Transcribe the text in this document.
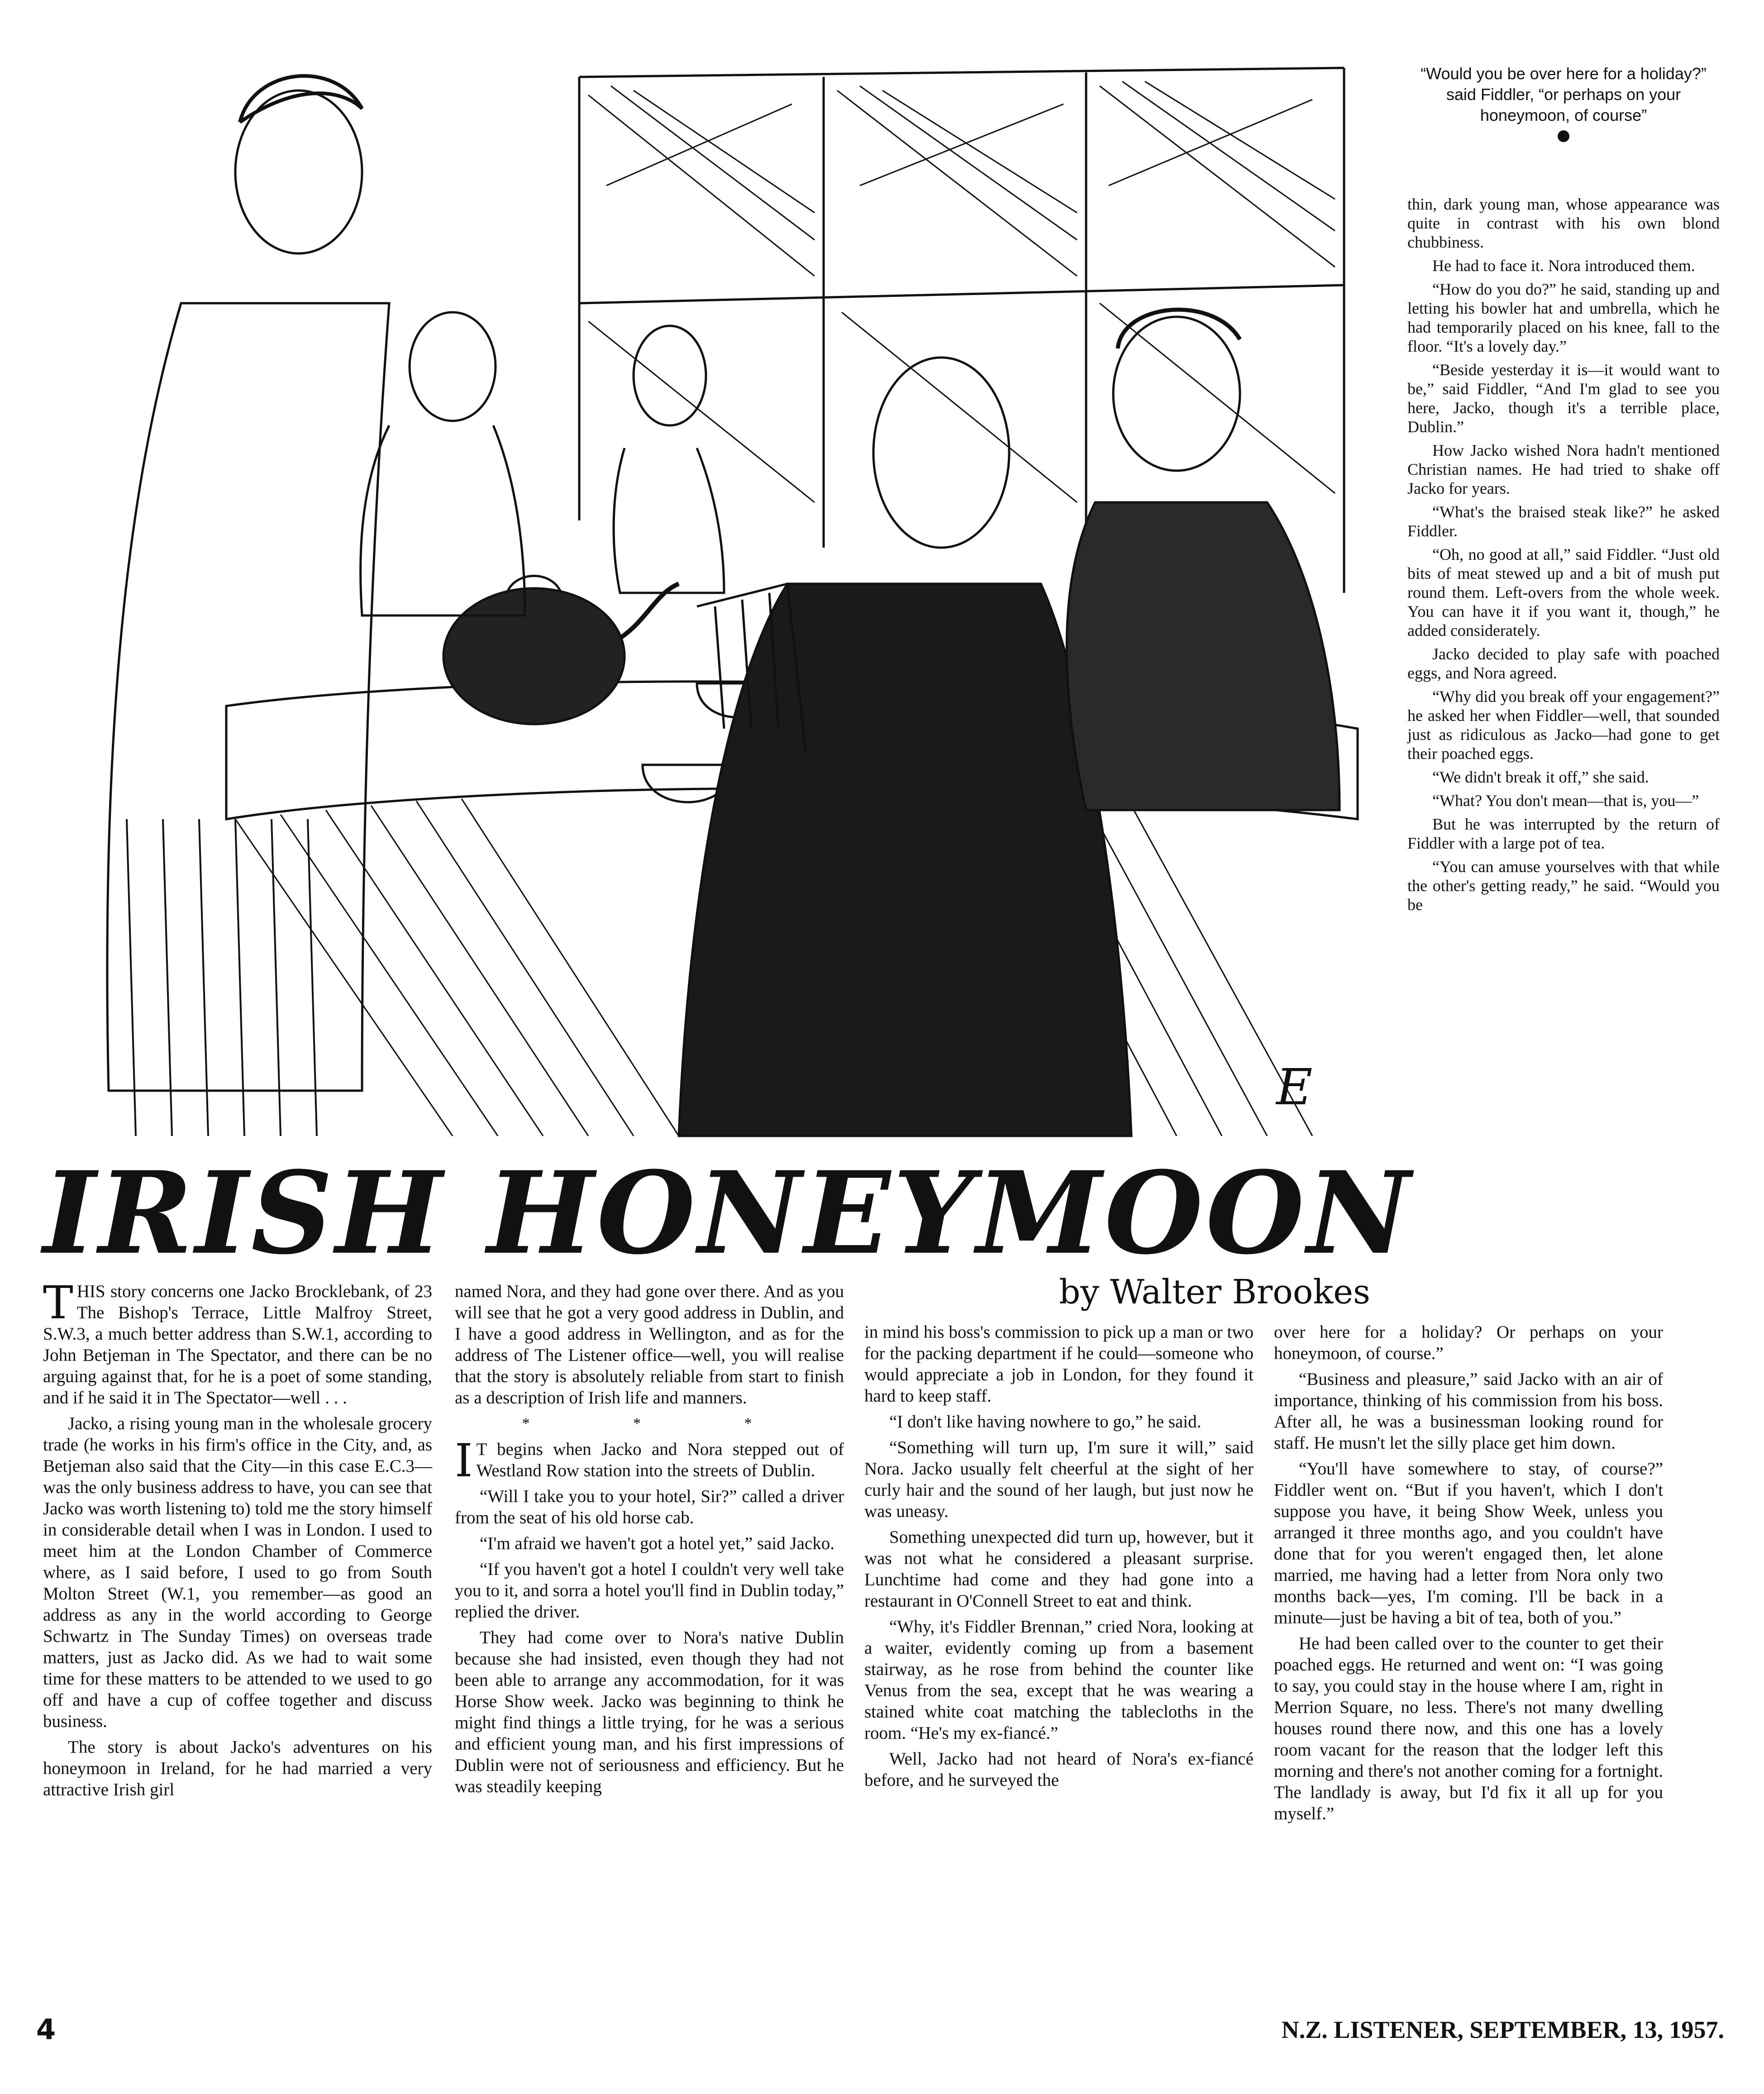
E
“Would you be over here for a holiday?” said Fiddler, “or perhaps on your honeymoon, of course”
IRISH HONEYMOON
by Walter Brookes

THIS story concerns one Jacko Brocklebank, of 23 The Bishop's Terrace, Little Malfroy Street, S.W.3, a much better address than S.W.1, according to John Betjeman in The Spectator, and there can be no arguing against that, for he is a poet of some standing, and if he said it in The Spectator—well . . .

Jacko, a rising young man in the wholesale grocery trade (he works in his firm's office in the City, and, as Betjeman also said that the City—in this case E.C.3—was the only business address to have, you can see that Jacko was worth listening to) told me the story himself in considerable detail when I was in London. I used to meet him at the London Chamber of Commerce where, as I said before, I used to go from South Molton Street (W.1, you remember—as good an address as any in the world according to George Schwartz in The Sunday Times) on overseas trade matters, just as Jacko did. As we had to wait some time for these matters to be attended to we used to go off and have a cup of coffee together and discuss business.

The story is about Jacko's adventures on his honeymoon in Ireland, for he had married a very attractive Irish girl

named Nora, and they had gone over there. And as you will see that he got a very good address in Dublin, and I have a good address in Wellington, and as for the address of The Listener office—well, you will realise that the story is absolutely reliable from start to finish as a description of Irish life and manners.

* * *

I T begins when Jacko and Nora stepped out of Westland Row station into the streets of Dublin.

“Will I take you to your hotel, Sir?” called a driver from the seat of his old horse cab.

“I'm afraid we haven't got a hotel yet,” said Jacko.

“If you haven't got a hotel I couldn't very well take you to it, and sorra a hotel you'll find in Dublin today,” replied the driver.

They had come over to Nora's native Dublin because she had insisted, even though they had not been able to arrange any accommodation, for it was Horse Show week. Jacko was beginning to think he might find things a little trying, for he was a serious and efficient young man, and his first impressions of Dublin were not of seriousness and efficiency. But he was steadily keeping

in mind his boss's commission to pick up a man or two for the packing department if he could—someone who would appreciate a job in London, for they found it hard to keep staff.

“I don't like having nowhere to go,” he said.

“Something will turn up, I'm sure it will,” said Nora. Jacko usually felt cheerful at the sight of her curly hair and the sound of her laugh, but just now he was uneasy.

Something unexpected did turn up, however, but it was not what he considered a pleasant surprise. Lunchtime had come and they had gone into a restaurant in O'Connell Street to eat and think.

“Why, it's Fiddler Brennan,” cried Nora, looking at a waiter, evidently coming up from a basement stairway, as he rose from behind the counter like Venus from the sea, except that he was wearing a stained white coat matching the tablecloths in the room. “He's my ex-fiancé.”

Well, Jacko had not heard of Nora's ex-fiancé before, and he surveyed the

over here for a holiday? Or perhaps on your honeymoon, of course.”

“Business and pleasure,” said Jacko with an air of importance, thinking of his commission from his boss. After all, he was a businessman looking round for staff. He musn't let the silly place get him down.

“You'll have somewhere to stay, of course?” Fiddler went on. “But if you haven't, which I don't suppose you have, it being Show Week, unless you arranged it three months ago, and you couldn't have done that for you weren't engaged then, let alone married, me having had a letter from Nora only two months back—yes, I'm coming. I'll be back in a minute—just be having a bit of tea, both of you.”

He had been called over to the counter to get their poached eggs. He returned and went on: “I was going to say, you could stay in the house where I am, right in Merrion Square, no less. There's not many dwelling houses round there now, and this one has a lovely room vacant for the reason that the lodger left this morning and there's not another coming for a fortnight. The landlady is away, but I'd fix it all up for you myself.”

thin, dark young man, whose appearance was quite in contrast with his own blond chubbiness.

He had to face it. Nora introduced them.

“How do you do?” he said, standing up and letting his bowler hat and umbrella, which he had temporarily placed on his knee, fall to the floor. “It's a lovely day.”

“Beside yesterday it is—it would want to be,” said Fiddler, “And I'm glad to see you here, Jacko, though it's a terrible place, Dublin.”

How Jacko wished Nora hadn't mentioned Christian names. He had tried to shake off Jacko for years.

“What's the braised steak like?” he asked Fiddler.

“Oh, no good at all,” said Fiddler. “Just old bits of meat stewed up and a bit of mush put round them. Left-overs from the whole week. You can have it if you want it, though,” he added considerately.

Jacko decided to play safe with poached eggs, and Nora agreed.

“Why did you break off your engagement?” he asked her when Fiddler—well, that sounded just as ridiculous as Jacko—had gone to get their poached eggs.

“We didn't break it off,” she said.

“What? You don't mean—that is, you—”

But he was interrupted by the return of Fiddler with a large pot of tea.

“You can amuse yourselves with that while the other's getting ready,” he said. “Would you be

4	N.Z. LISTENER, SEPTEMBER, 13, 1957.
